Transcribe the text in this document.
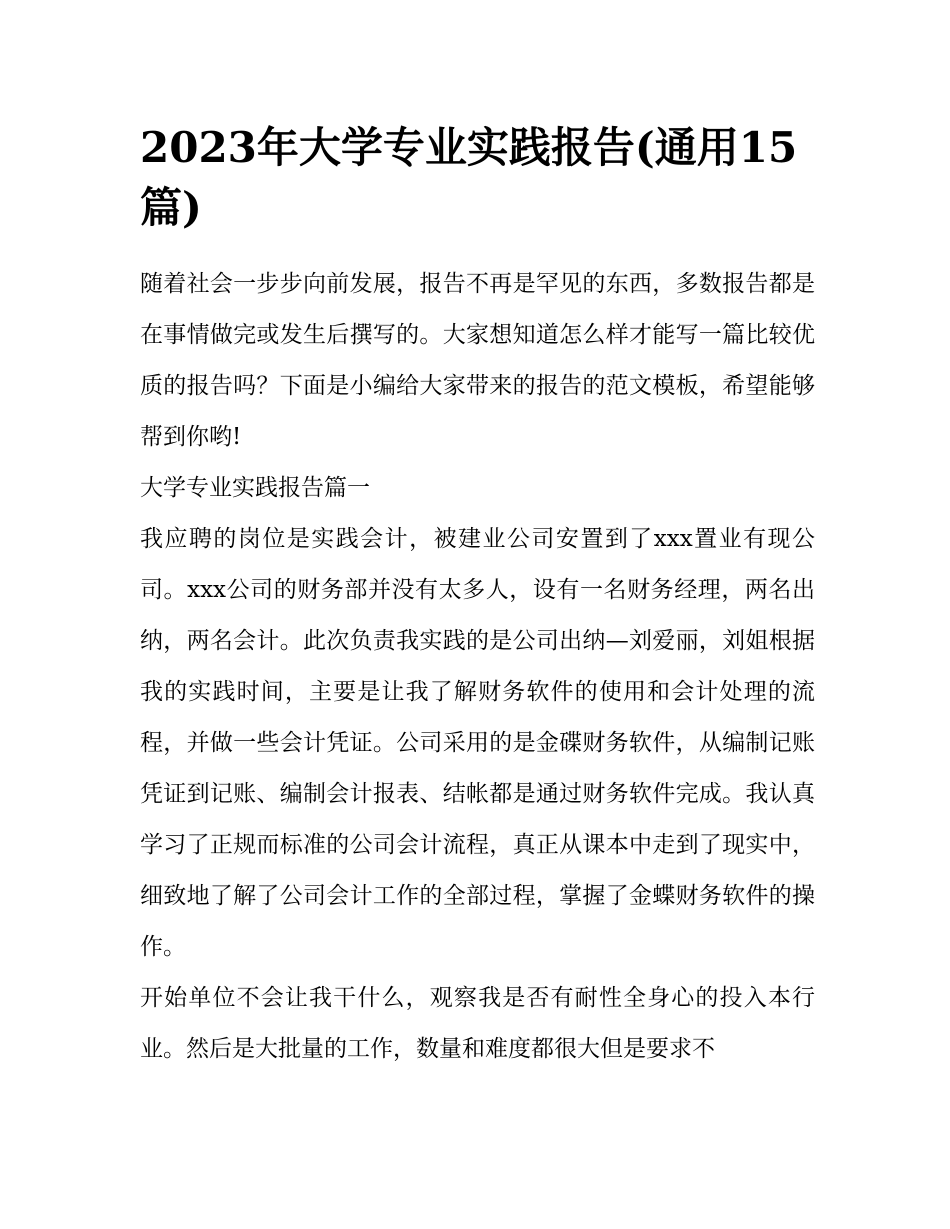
2023年大学专业实践报告(通用15篇)

随着社会一步步向前发展，报告不再是罕见的东西，多数报告都是在事情做完或发生后撰写的。大家想知道怎么样才能写一篇比较优质的报告吗？下面是小编给大家带来的报告的范文模板，希望能够帮到你哟!

大学专业实践报告篇一

我应聘的岗位是实践会计，被建业公司安置到了xxx置业有现公司。xxx公司的财务部并没有太多人，设有一名财务经理，两名出纳，两名会计。此次负责我实践的是公司出纳—刘爱丽，刘姐根据我的实践时间，主要是让我了解财务软件的使用和会计处理的流程，并做一些会计凭证。公司采用的是金碟财务软件，从编制记账凭证到记账、编制会计报表、结帐都是通过财务软件完成。我认真学习了正规而标准的公司会计流程，真正从课本中走到了现实中，细致地了解了公司会计工作的全部过程，掌握了金蝶财务软件的操作。

开始单位不会让我干什么，观察我是否有耐性全身心的投入本行业。然后是大批量的工作，数量和难度都很大但是要求不
